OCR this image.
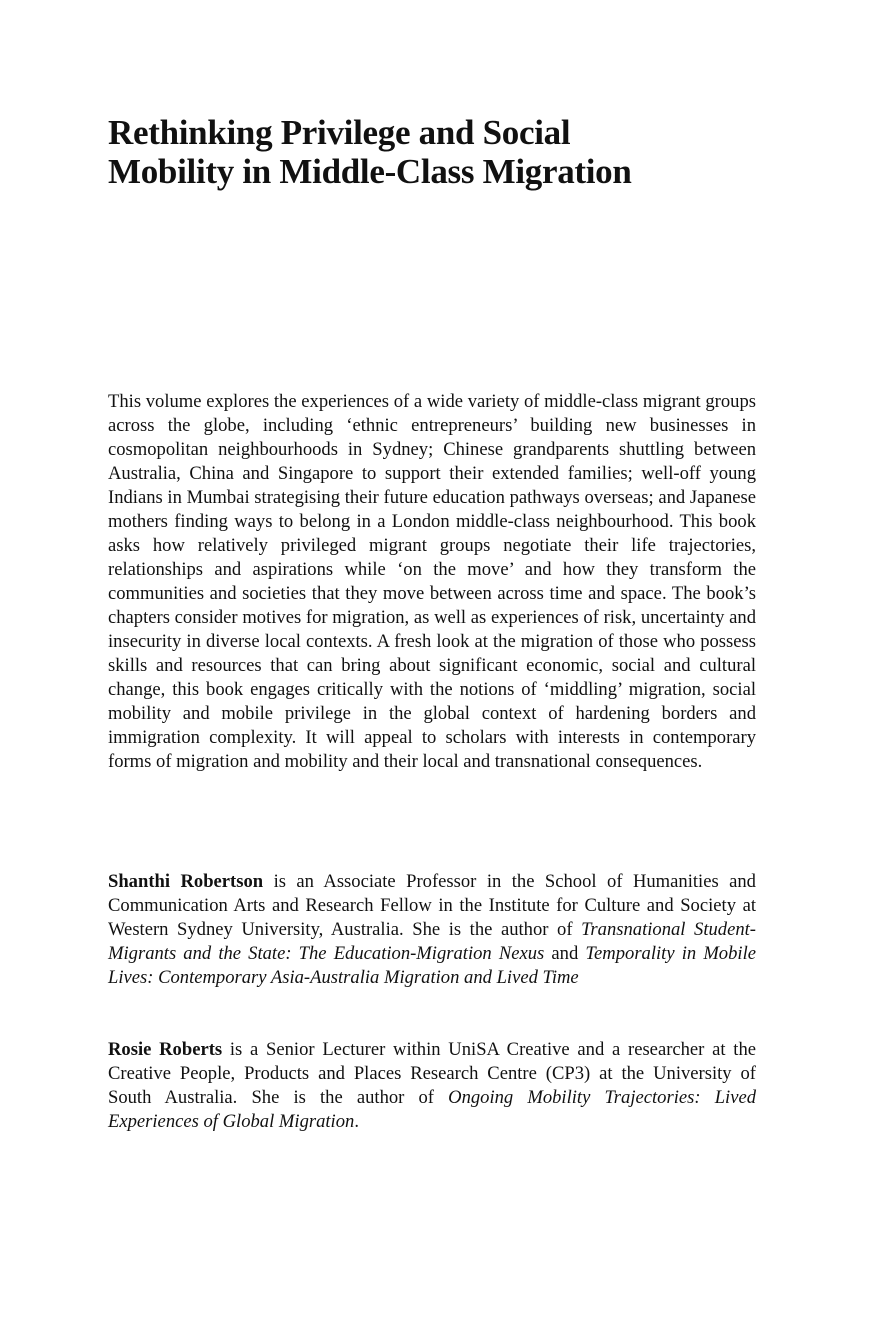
Rethinking Privilege and Social
Mobility in Middle-Class Migration

This volume explores the experiences of a wide variety of middle-class migrant groups across the globe, including ‘ethnic entrepreneurs’ building new businesses in cosmopolitan neighbourhoods in Sydney; Chinese grandparents shuttling between Australia, China and Singapore to support their extended families; well-off young Indians in Mumbai strategising their future education pathways overseas; and Japanese mothers finding ways to belong in a London middle-class neighbourhood. This book asks how relatively privileged migrant groups negotiate their life trajectories, relationships and aspirations while ‘on the move’ and how they transform the communities and societies that they move between across time and space. The book’s chapters consider motives for migration, as well as experiences of risk, uncertainty and insecurity in diverse local contexts. A fresh look at the migration of those who possess skills and resources that can bring about significant economic, social and cultural change, this book engages critically with the notions of ‘middling’ migration, social mobility and mobile privilege in the global context of hardening borders and immigration complexity. It will appeal to scholars with interests in contemporary forms of migration and mobility and their local and transnational consequences.

Shanthi Robertson is an Associate Professor in the School of Humanities and Communication Arts and Research Fellow in the Institute for Culture and Society at Western Sydney University, Australia. She is the author of Transnational Student-Migrants and the State: The Education-Migration Nexus and Temporality in Mobile Lives: Contemporary Asia-Australia Migration and Lived Time

Rosie Roberts is a Senior Lecturer within UniSA Creative and a researcher at the Creative People, Products and Places Research Centre (CP3) at the University of South Australia. She is the author of Ongoing Mobility Trajectories: Lived Experiences of Global Migration.
